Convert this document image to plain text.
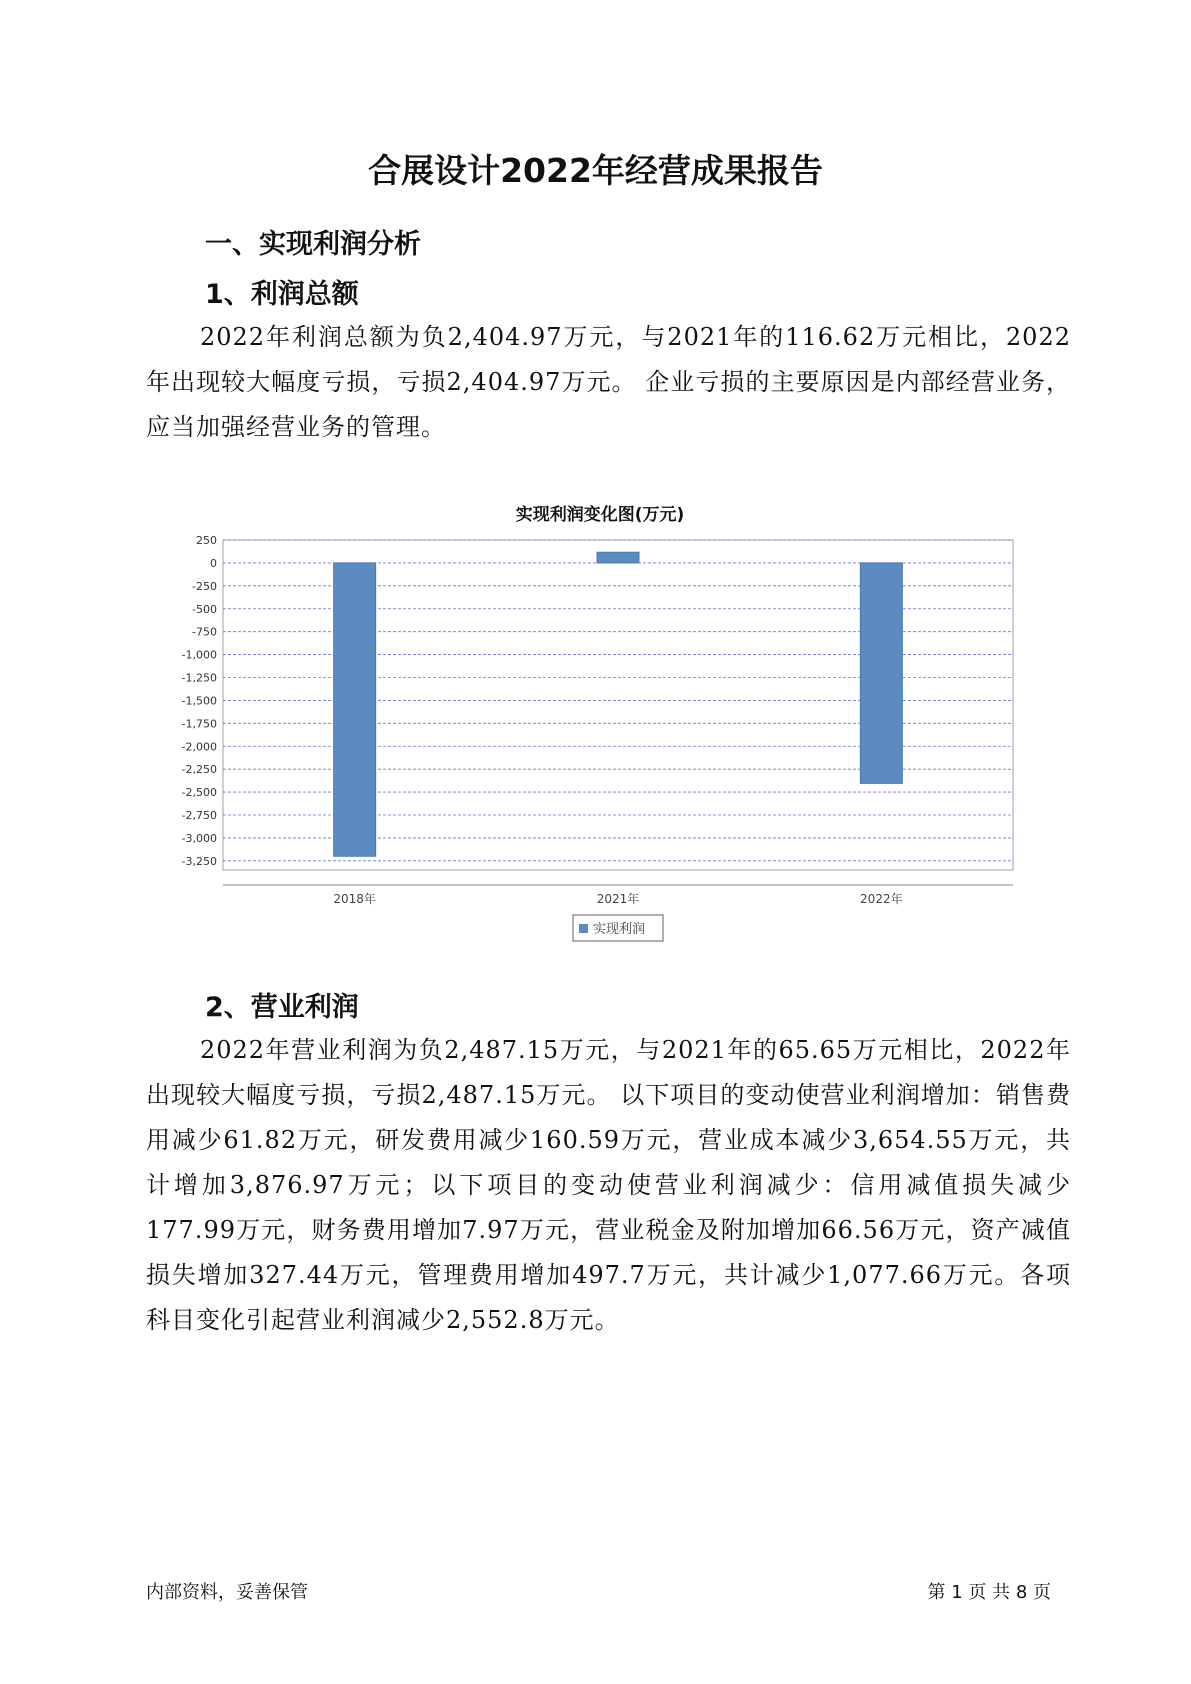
合展设计2022年经营成果报告
一、实现利润分析
1、利润总额

2022年利润总额为负2,404.97万元，与2021年的116.62万元相比，2022年出现较大幅度亏损，亏损2,404.97万元。 企业亏损的主要原因是内部经营业务，应当加强经营业务的管理。

实现利润变化图(万元)
250
0
-250
-500
-750
-1,000
-1,250
-1,500
-1,750
-2,000
-2,250
-2,500
-2,750
-3,000
-3,250
2018年	2021年	2022年
实现利润
2、营业利润

2022年营业利润为负2,487.15万元，与2021年的65.65万元相比，2022年出现较大幅度亏损，亏损2,487.15万元。 以下项目的变动使营业利润增加：销售费用减少61.82万元，研发费用减少160.59万元，营业成本减少3,654.55万元，共计增加3,876.97万元；以下项目的变动使营业利润减少：信用减值损失减少177.99万元，财务费用增加7.97万元，营业税金及附加增加66.56万元，资产减值损失增加327.44万元，管理费用增加497.7万元，共计减少1,077.66万元。各项科目变化引起营业利润减少2,552.8万元。

内部资料，妥善保管	第 1 页 共 8 页
